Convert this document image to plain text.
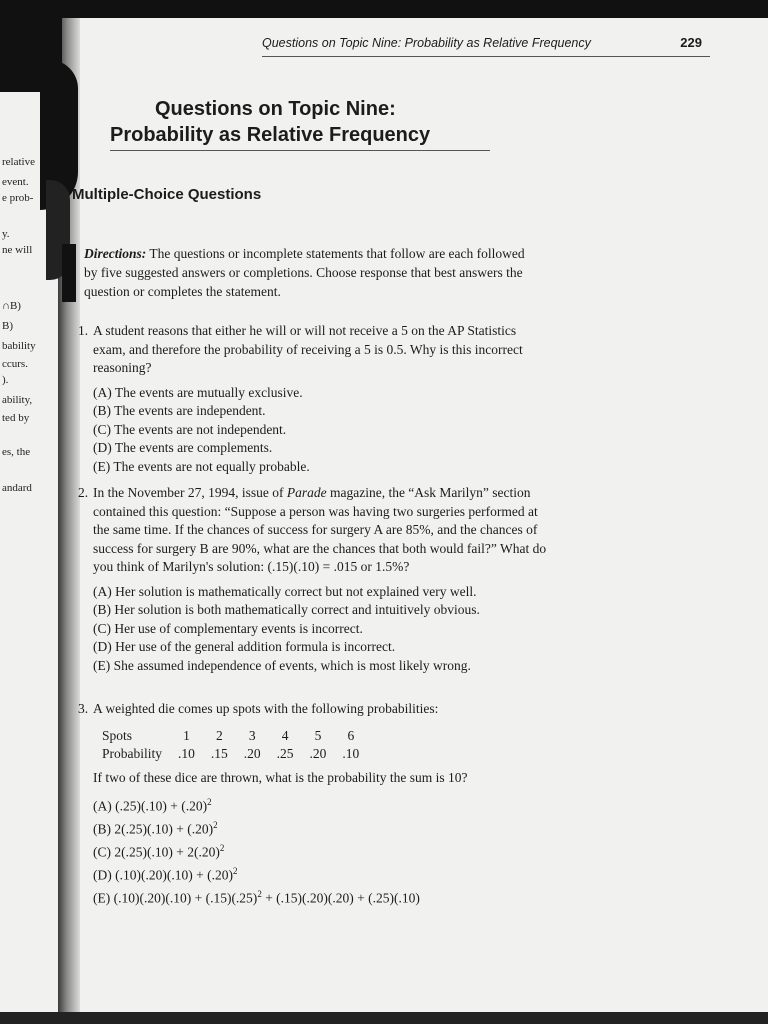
relative
event.
e prob-
y.
ne will
∩B)
B)
bability
ccurs.
).
ability,
ted by
es, the
andard
Questions on Topic Nine: Probability as Relative Frequency	229
Questions on Topic Nine:
Probability as Relative Frequency
Multiple-Choice Questions
Directions: The questions or incomplete statements that follow are each followed by five suggested answers or completions. Choose response that best answers the question or completes the statement.
1. A student reasons that either he will or will not receive a 5 on the AP Statistics exam, and therefore the probability of receiving a 5 is 0.5. Why is this incorrect reasoning?
(A) The events are mutually exclusive.
(B) The events are independent.
(C) The events are not independent.
(D) The events are complements.
(E) The events are not equally probable.
2. In the November 27, 1994, issue of Parade magazine, the “Ask Marilyn” section contained this question: “Suppose a person was having two surgeries performed at the same time. If the chances of success for surgery A are 85%, and the chances of success for surgery B are 90%, what are the chances that both would fail?” What do you think of Marilyn's solution: (.15)(.10) = .015 or 1.5%?
(A) Her solution is mathematically correct but not explained very well.
(B) Her solution is both mathematically correct and intuitively obvious.
(C) Her use of complementary events is incorrect.
(D) Her use of the general addition formula is incorrect.
(E) She assumed independence of events, which is most likely wrong.
3. A weighted die comes up spots with the following probabilities:
Spots	1	2	3	4	5	6
Probability	.10	.15	.20	.25	.20	.10
If two of these dice are thrown, what is the probability the sum is 10?
(A) $(.25)(.10) + (.20)^2$
(B) $2(.25)(.10) + (.20)^2$
(C) $2(.25)(.10) + 2(.20)^2$
(D) $(.10)(.20)(.10) + (.20)^2$
(E) $(.10)(.20)(.10) + (.15)(.25)^2 + (.15)(.20)(.20) + (.25)(.10)$
